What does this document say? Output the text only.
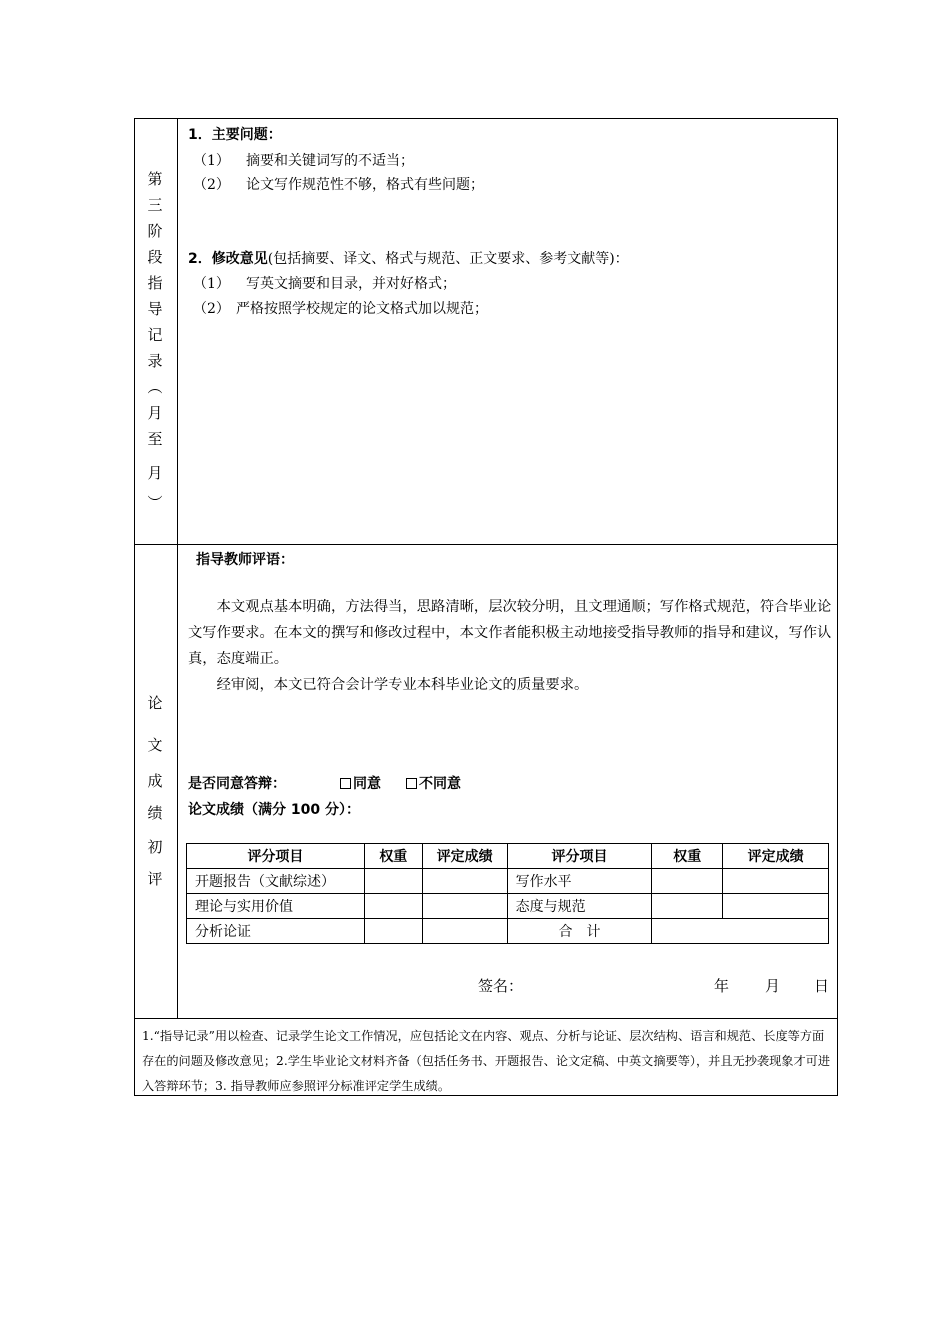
第
三
阶
段
指
导
记
录
︵
月
至
月
︶
1．主要问题：
（1） 摘要和关键词写的不适当；
（2） 论文写作规范性不够，格式有些问题；
2．修改意见(包括摘要、译文、格式与规范、正文要求、参考文献等)：
（1） 写英文摘要和目录，并对好格式；
（2） 严格按照学校规定的论文格式加以规范；
论
文
成
绩
初
评
指导教师评语：

本文观点基本明确，方法得当，思路清晰，层次较分明，且文理通顺；写作格式规范，符合毕业论文写作要求。在本文的撰写和修改过程中，本文作者能积极主动地接受指导教师的指导和建议，写作认真，态度端正。

经审阅，本文已符合会计学专业本科毕业论文的质量要求。

是否同意答辩：	同意	不同意
论文成绩（满分 100 分）：
评分项目	权重	评定成绩	评分项目	权重	评定成绩
开题报告（文献综述）			写作水平		
理论与实用价值			态度与规范		
分析论证			合　计		
签名：	年 月 日
1.“指导记录”用以检查、记录学生论文工作情况，应包括论文在内容、观点、分析与论证、层次结构、语言和规范、长度等方面存在的问题及修改意见；2.学生毕业论文材料齐备（包括任务书、开题报告、论文定稿、中英文摘要等），并且无抄袭现象才可进入答辩环节；3. 指导教师应参照评分标准评定学生成绩。
